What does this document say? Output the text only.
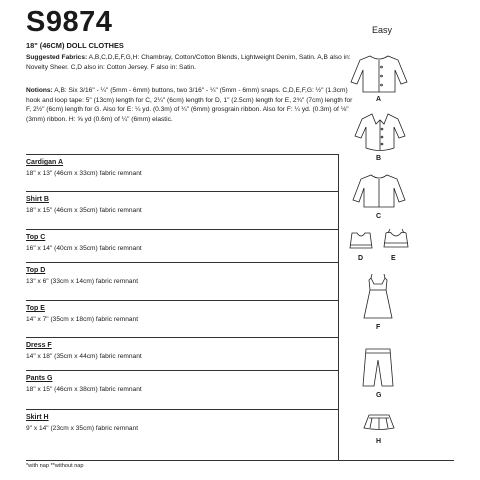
S9874	Easy
18" (46CM) DOLL CLOTHES
Suggested Fabrics: A,B,C,D,E,F,G,H: Chambray, Cotton/Cotton Blends, Lightweight Denim, Satin. A,B also in: Novelty Sheer. C,D also in: Cotton Jersey. F also in: Satin.
Notions: A,B: Six 3/16" - ¼" (5mm - 6mm) buttons, two 3/16" - ¼" (5mm - 6mm) snaps. C,D,E,F,G: ½" (1.3cm) hook and loop tape: 5" (13cm) length for C, 2¼" (6cm) length for D, 1" (2.5cm) length for E, 2¾" (7cm) length for F, 2½" (6cm) length for G. Also for E: ¼ yd. (0.3m) of ¼" (6mm) grosgrain ribbon. Also for F: ¼ yd. (0.3m) of ⅛" (3mm) ribbon. H: ⅝ yd (0.6m) of ¼" (6mm) elastic.
Cardigan A
18" x 13" (46cm x 33cm) fabric remnant
Shirt B
18" x 15" (46cm x 35cm) fabric remnant
Top C
16" x 14" (40cm x 35cm) fabric remnant
Top D
13" x 6" (33cm x 14cm) fabric remnant
Top E
14" x 7" (35cm x 18cm) fabric remnant
Dress F
14" x 18" (35cm x 44cm) fabric remnant
Pants G
18" x 15" (46cm x 38cm) fabric remnant
Skirt H
9" x 14" (23cm x 35cm) fabric remnant
*with nap **without nap
A
B
C
D	E
F
G
H
